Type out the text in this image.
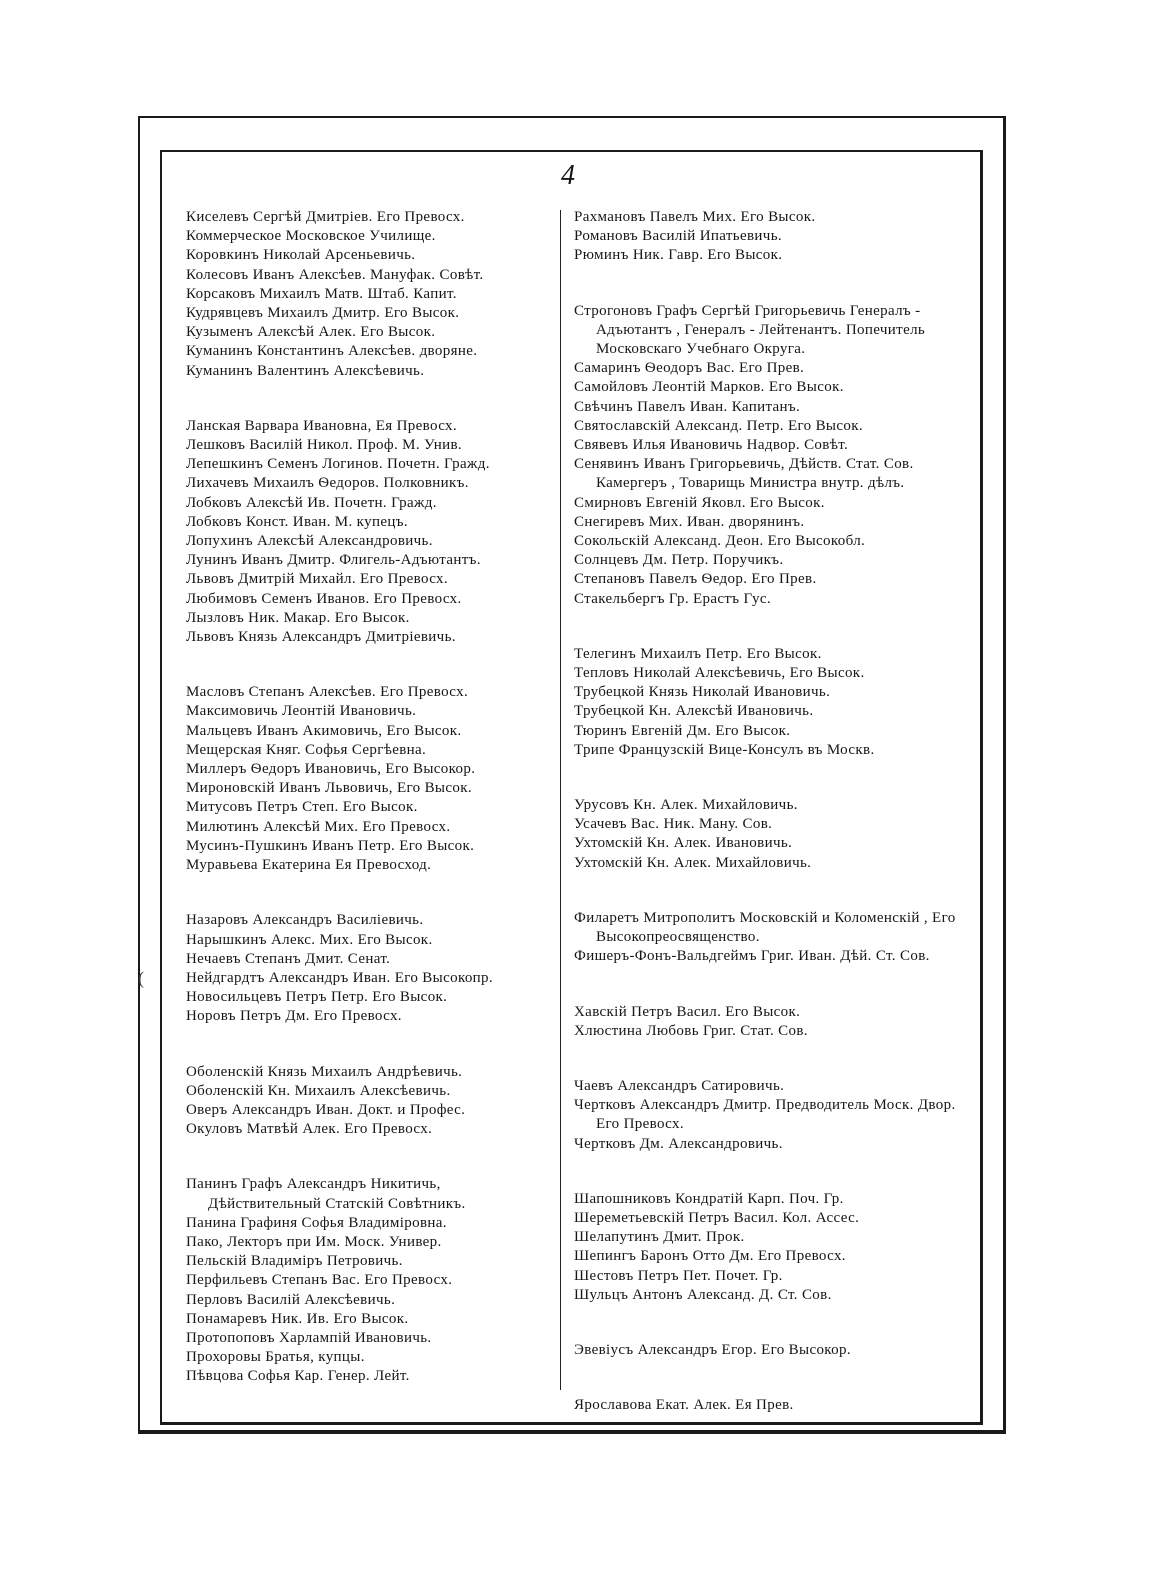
4
(
Киселевъ Сергѣй Дмитріев. Его Превосх.
Коммерческое Московское Училище.
Коровкинъ Николай Арсеньевичь.
Колесовъ Иванъ Алексѣев. Мануфак. Совѣт.
Корсаковъ Михаилъ Матв. Штаб. Капит.
Кудрявцевъ Михаилъ Дмитр. Его Высок.
Кузыменъ Алексѣй Алек. Его Высок.
Куманинъ Константинъ Алексѣев. дворяне.
Куманинъ Валентинъ Алексѣевичь.
Ланская Варвара Ивановна, Ея Превосх.
Лешковъ Василій Никол. Проф. М. Унив.
Лепешкинъ Семенъ Логинов. Почетн. Гражд.
Лихачевъ Михаилъ Ѳедоров. Полковникъ.
Лобковъ Алексѣй Ив. Почетн. Гражд.
Лобковъ Конст. Иван. М. купецъ.
Лопухинъ Алексѣй Александровичь.
Лунинъ Иванъ Дмитр. Флигель-Адъютантъ.
Львовъ Дмитрій Михайл. Его Превосх.
Любимовъ Семенъ Иванов. Его Превосх.
Лызловъ Ник. Макар. Его Высок.
Львовъ Князь Александръ Дмитріевичь.
Масловъ Степанъ Алексѣев. Его Превосх.
Максимовичь Леонтій Ивановичь.
Мальцевъ Иванъ Акимовичь, Его Высок.
Мещерская Княг. Софья Сергѣевна.
Миллеръ Ѳедоръ Ивановичь, Его Высокор.
Мироновскій Иванъ Львовичь, Его Высок.
Митусовъ Петръ Степ. Его Высок.
Милютинъ Алексѣй Мих. Его Превосх.
Мусинъ-Пушкинъ Иванъ Петр. Его Высок.
Муравьева Екатерина Ея Превосход.
Назаровъ Александръ Василіевичь.
Нарышкинъ Алекс. Мих. Его Высок.
Нечаевъ Степанъ Дмит. Сенат.
Нейдгардтъ Александръ Иван. Его Высокопр.
Новосильцевъ Петръ Петр. Его Высок.
Норовъ Петръ Дм. Его Превосх.
Оболенскій Князь Михаилъ Андрѣевичь.
Оболенскій Кн. Михаилъ Алексѣевичь.
Оверъ Александръ Иван. Докт. и Профес.
Окуловъ Матвѣй Алек. Его Превосх.
Панинъ Графъ Александръ Никитичь, Дѣйствительный Статскій Совѣтникъ.
Панина Графиня Софья Владиміровна.
Пако, Лекторъ при Им. Моск. Универ.
Пельскій Владиміръ Петровичь.
Перфильевъ Степанъ Вас. Его Превосх.
Перловъ Василій Алексѣевичь.
Понамаревъ Ник. Ив. Его Высок.
Протопоповъ Харлампій Ивановичь.
Прохоровы Братья, купцы.
Пѣвцова Софья Кар. Генер. Лейт.
Рахмановъ Павелъ Мих. Его Высок.
Романовъ Василій Ипатьевичь.
Рюминъ Ник. Гавр. Его Высок.
Строгоновъ Графъ Сергѣй Григорьевичь Генералъ - Адъютантъ , Генералъ - Лейтенантъ. Попечитель Московскаго Учебнаго Округа.
Самаринъ Ѳеодоръ Вас. Его Прев.
Самойловъ Леонтій Марков. Его Высок.
Свѣчинъ Павелъ Иван. Капитанъ.
Святославскій Александ. Петр. Его Высок.
Свявевъ Илья Ивановичь Надвор. Совѣт.
Сенявинъ Иванъ Григорьевичь, Дѣйств. Стат. Сов. Камергеръ , Товарищь Министра внутр. дѣлъ.
Смирновъ Евгеній Яковл. Его Высок.
Снегиревъ Мих. Иван. дворянинъ.
Сокольскій Александ. Деон. Его Высокобл.
Солнцевъ Дм. Петр. Поручикъ.
Степановъ Павелъ Ѳедор. Его Прев.
Стакельбергъ Гр. Ерастъ Гус.
Телегинъ Михаилъ Петр. Его Высок.
Тепловъ Николай Алексѣевичь, Его Высок.
Трубецкой Князь Николай Ивановичь.
Трубецкой Кн. Алексѣй Ивановичь.
Тюринъ Евгеній Дм. Его Высок.
Трипе Французскій Вице-Консулъ въ Москв.
Урусовъ Кн. Алек. Михайловичь.
Усачевъ Вас. Ник. Ману. Сов.
Ухтомскій Кн. Алек. Ивановичь.
Ухтомскій Кн. Алек. Михайловичь.
Филаретъ Митрополитъ Московскій и Коломенскій , Его Высокопреосвященство.
Фишеръ-Фонъ-Вальдгеймъ Григ. Иван. Дѣй. Ст. Сов.
Хавскій Петръ Васил. Его Высок.
Хлюстина Любовь Григ. Стат. Сов.
Чаевъ Александръ Сатировичь.
Чертковъ Александръ Дмитр. Предводитель Моск. Двор. Его Превосх.
Чертковъ Дм. Александровичь.
Шапошниковъ Кондратій Карп. Поч. Гр.
Шереметьевскій Петръ Васил. Кол. Ассес.
Шелапутинъ Дмит. Прок.
Шепингъ Баронъ Отто Дм. Его Превосх.
Шестовъ Петръ Пет. Почет. Гр.
Шульцъ Антонъ Александ. Д. Ст. Сов.
Эвевіусъ Александръ Егор. Его Высокор.
Ярославова Екат. Алек. Ея Прев.
